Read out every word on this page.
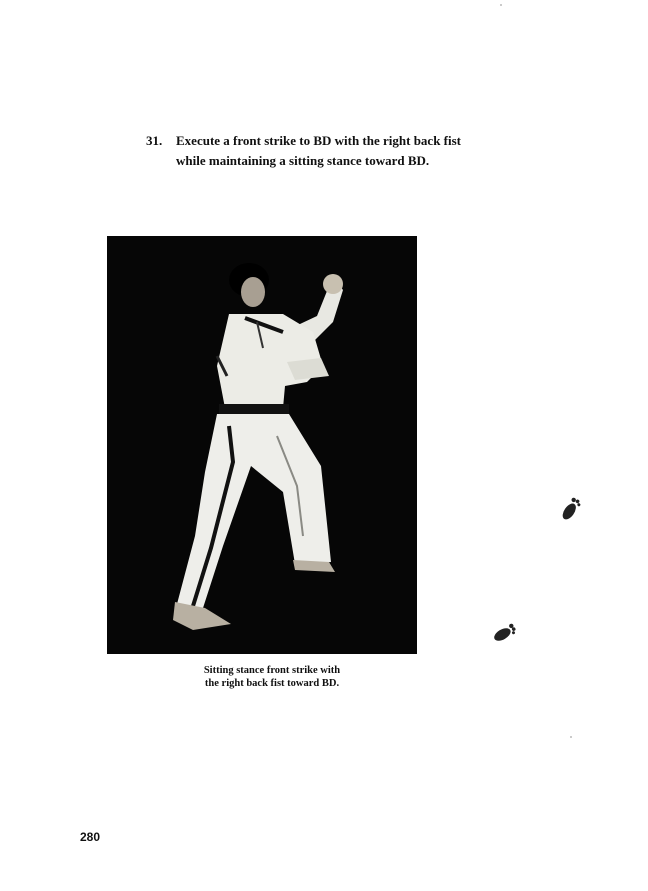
31. Execute a front strike to BD with the right back fist
while maintaining a sitting stance toward BD.
Sitting stance front strike with
the right back fist toward BD.
280
